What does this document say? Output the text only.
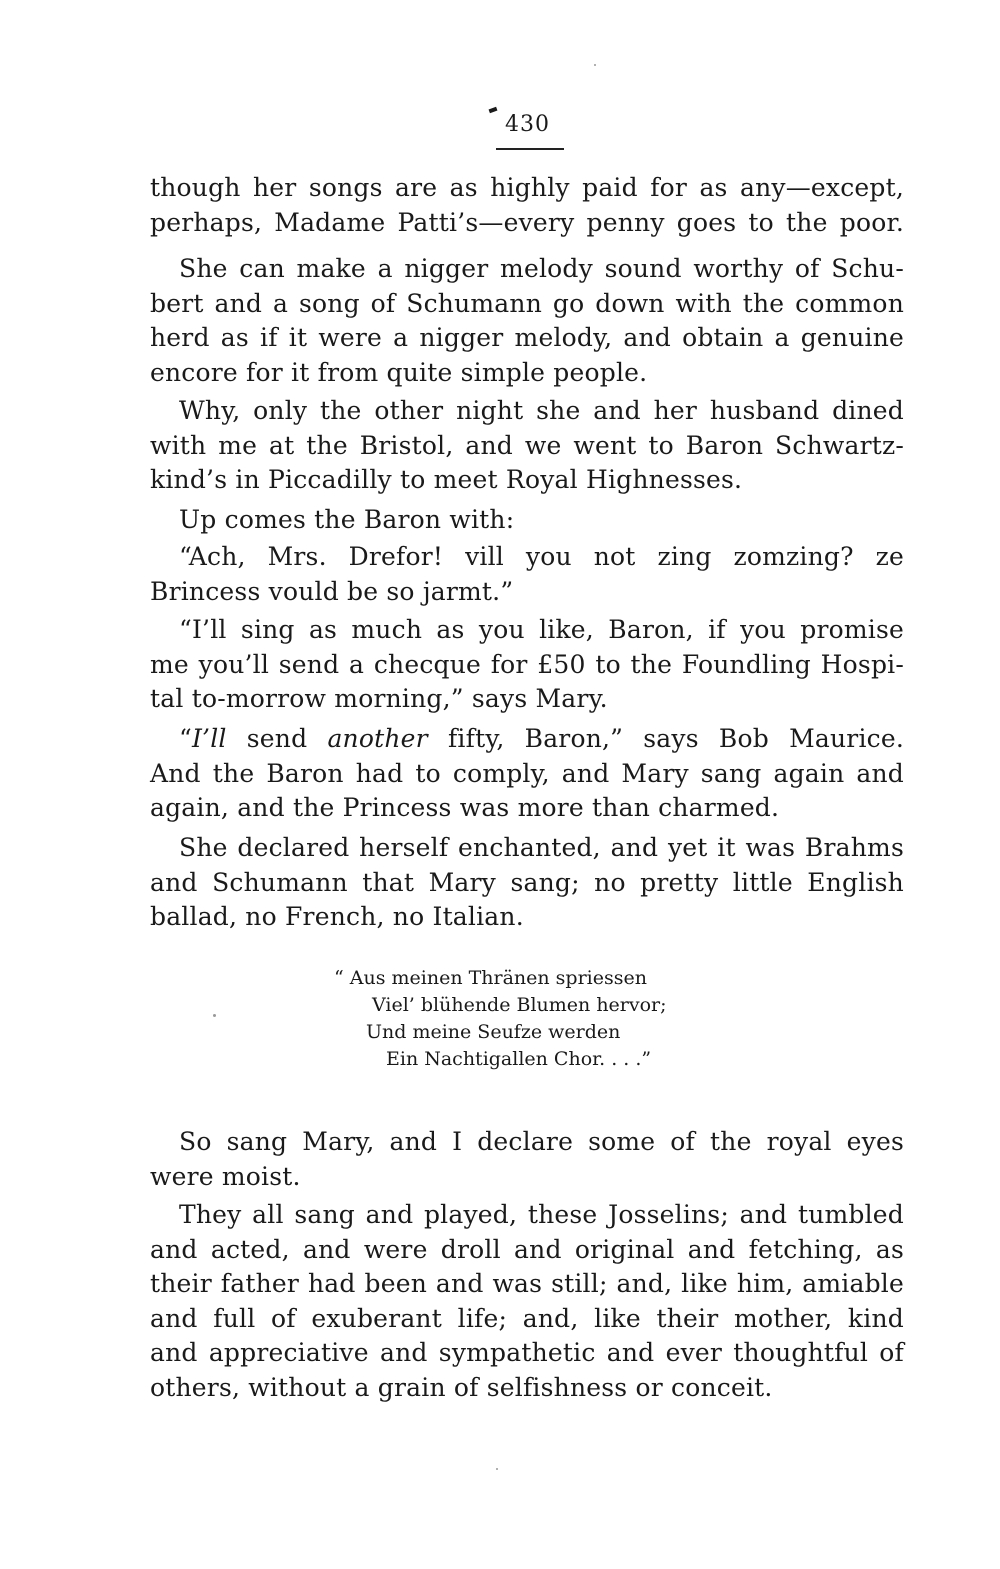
430
though her songs are as highly paid for as any—except,
perhaps, Madame Patti’s—every penny goes to the poor.
She can make a nigger melody sound worthy of Schu-
bert and a song of Schumann go down with the common
herd as if it were a nigger melody, and obtain a genuine
encore for it from quite simple people.
Why, only the other night she and her husband dined
with me at the Bristol, and we went to Baron Schwartz-
kind’s in Piccadilly to meet Royal Highnesses.
Up comes the Baron with:
“Ach, Mrs. Drefor! vill you not zing zomzing? ze
Brincess vould be so jarmt.”
“I’ll sing as much as you like, Baron, if you promise
me you’ll send a checque for £50 to the Foundling Hospi-
tal to-morrow morning,” says Mary.
“I’ll send another fifty, Baron,” says Bob Maurice.
And the Baron had to comply, and Mary sang again and
again, and the Princess was more than charmed.
She declared herself enchanted, and yet it was Brahms
and Schumann that Mary sang; no pretty little English
ballad, no French, no Italian.
“ Aus meinen Thränen spriessen
Viel’ blühende Blumen hervor;
Und meine Seufze werden
Ein Nachtigallen Chor. . . .”
So sang Mary, and I declare some of the royal eyes
were moist.
They all sang and played, these Josselins; and tumbled
and acted, and were droll and original and fetching, as
their father had been and was still; and, like him, amiable
and full of exuberant life; and, like their mother, kind
and appreciative and sympathetic and ever thoughtful of
others, without a grain of selfishness or conceit.
